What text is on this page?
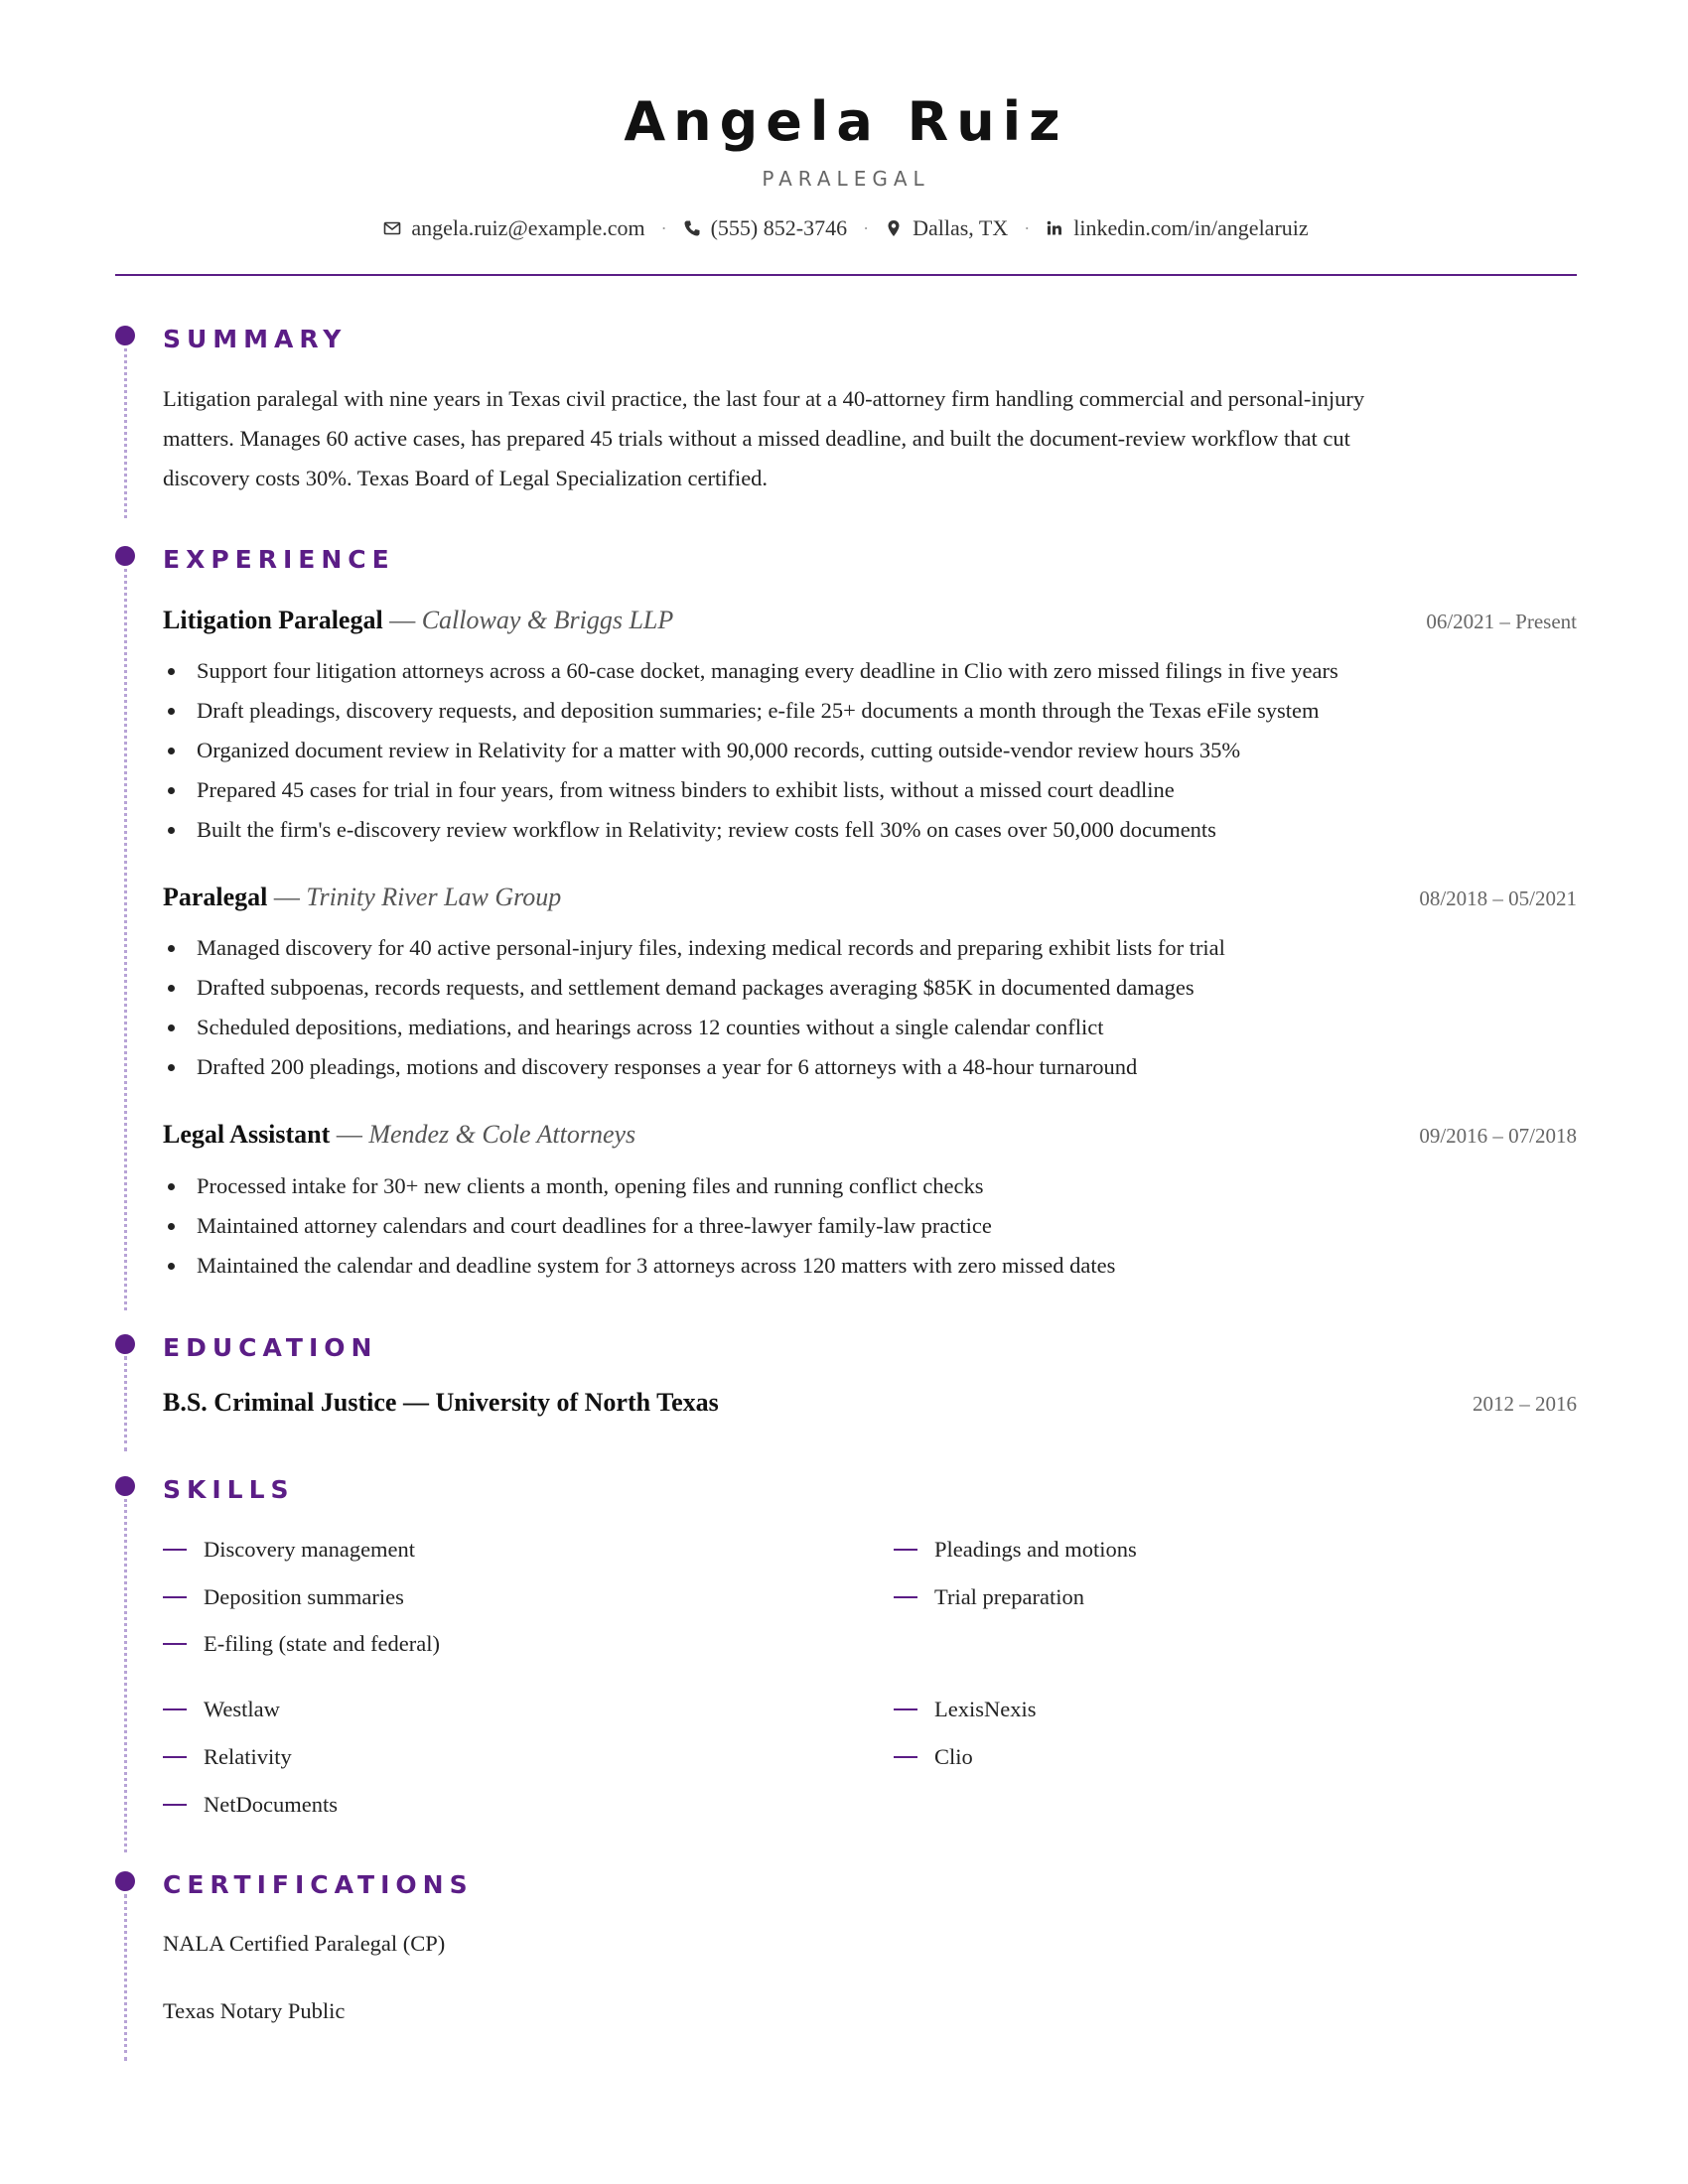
Angela Ruiz
PARALEGAL
angela.ruiz@example.com · (555) 852-3746 · Dallas, TX · linkedin.com/in/angelaruiz
SUMMARY
Litigation paralegal with nine years in Texas civil practice, the last four at a 40-attorney firm handling commercial and personal-injury
matters. Manages 60 active cases, has prepared 45 trials without a missed deadline, and built the document-review workflow that cut
discovery costs 30%. Texas Board of Legal Specialization certified.
EXPERIENCE
Litigation Paralegal — Calloway & Briggs LLP	06/2021 – Present
Support four litigation attorneys across a 60-case docket, managing every deadline in Clio with zero missed filings in five years
Draft pleadings, discovery requests, and deposition summaries; e-file 25+ documents a month through the Texas eFile system
Organized document review in Relativity for a matter with 90,000 records, cutting outside-vendor review hours 35%
Prepared 45 cases for trial in four years, from witness binders to exhibit lists, without a missed court deadline
Built the firm's e-discovery review workflow in Relativity; review costs fell 30% on cases over 50,000 documents
Paralegal — Trinity River Law Group	08/2018 – 05/2021
Managed discovery for 40 active personal-injury files, indexing medical records and preparing exhibit lists for trial
Drafted subpoenas, records requests, and settlement demand packages averaging $85K in documented damages
Scheduled depositions, mediations, and hearings across 12 counties without a single calendar conflict
Drafted 200 pleadings, motions and discovery responses a year for 6 attorneys with a 48-hour turnaround
Legal Assistant — Mendez & Cole Attorneys	09/2016 – 07/2018
Processed intake for 30+ new clients a month, opening files and running conflict checks
Maintained attorney calendars and court deadlines for a three-lawyer family-law practice
Maintained the calendar and deadline system for 3 attorneys across 120 matters with zero missed dates
EDUCATION
B.S. Criminal Justice — University of North Texas	2012 – 2016
SKILLS
Discovery management	Pleadings and motions
Deposition summaries	Trial preparation
E-filing (state and federal)
Westlaw	LexisNexis
Relativity	Clio
NetDocuments
CERTIFICATIONS
NALA Certified Paralegal (CP)
Texas Notary Public
